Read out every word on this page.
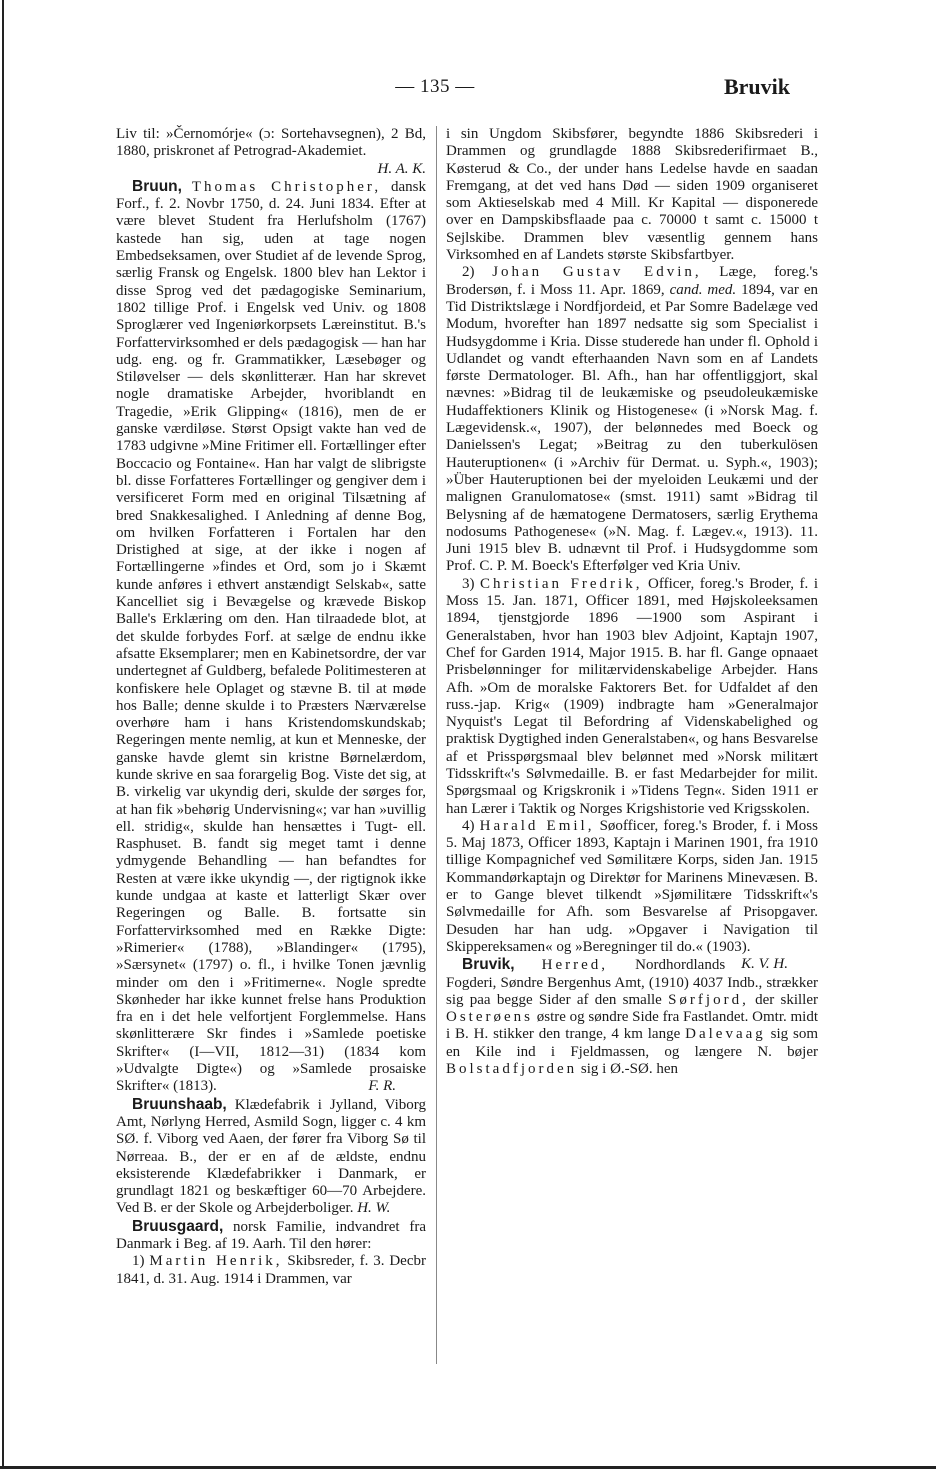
— 135 —	Bruvik

Liv til: »Černomórje« (ɔ: Sortehavsegnen), 2 Bd, 1880, priskronet af Petrograd-Akademiet.

H. A. K.

Bruun, Thomas Christopher, dansk Forf., f. 2. Novbr 1750, d. 24. Juni 1834. Efter at være blevet Student fra Herlufsholm (1767) kastede han sig, uden at tage nogen Embedseksamen, over Studiet af de levende Sprog, særlig Fransk og Engelsk. 1800 blev han Lektor i disse Sprog ved det pædagogiske Seminarium, 1802 tillige Prof. i Engelsk ved Univ. og 1808 Sproglærer ved Ingeniørkorpsets Læreinstitut. B.'s Forfattervirksomhed er dels pædagogisk — han har udg. eng. og fr. Grammatikker, Læsebøger og Stiløvelser — dels skønlitterær. Han har skrevet nogle dramatiske Arbejder, hvoriblandt en Tragedie, »Erik Glipping« (1816), men de er ganske værdiløse. Størst Opsigt vakte han ved de 1783 udgivne »Mine Fritimer ell. Fortællinger efter Boccacio og Fontaine«. Han har valgt de slibrigste bl. disse Forfatteres Fortællinger og gengiver dem i versificeret Form med en original Tilsætning af bred Snakkesalighed. I Anledning af denne Bog, om hvilken Forfatteren i Fortalen har den Dristighed at sige, at der ikke i nogen af Fortællingerne »findes et Ord, som jo i Skæmt kunde anføres i ethvert anstændigt Selskab«, satte Kancelliet sig i Bevægelse og krævede Biskop Balle's Erklæring om den. Han tilraadede blot, at det skulde forbydes Forf. at sælge de endnu ikke afsatte Eksemplarer; men en Kabinetsordre, der var undertegnet af Guldberg, befalede Politimesteren at konfiskere hele Oplaget og stævne B. til at møde hos Balle; denne skulde i to Præsters Nærværelse overhøre ham i hans Kristendomskundskab; Regeringen mente nemlig, at kun et Menneske, der ganske havde glemt sin kristne Børnelærdom, kunde skrive en saa forargelig Bog. Viste det sig, at B. virkelig var ukyndig deri, skulde der sørges for, at han fik »behørig Undervisning«; var han »uvillig ell. stridig«, skulde han hensættes i Tugt- ell. Rasphuset. B. fandt sig meget tamt i denne ydmygende Behandling — han befandtes for Resten at være ikke ukyndig —, der rigtignok ikke kunde undgaa at kaste et latterligt Skær over Regeringen og Balle. B. fortsatte sin Forfattervirksomhed med en Række Digte: »Rimerier« (1788), »Blandinger« (1795), »Særsynet« (1797) o. fl., i hvilke Tonen jævnlig minder om den i »Fritimerne«. Nogle spredte Skønheder har ikke kunnet frelse hans Produktion fra en i det hele velfortjent Forglemmelse. Hans skønlitterære Skr findes i »Samlede poetiske Skrifter« (I—VII, 1812—31) (1834 kom »Udvalgte Digte«) og »Samlede prosaiske Skrifter« (1813).	F. R.

Bruunshaab, Klædefabrik i Jylland, Viborg Amt, Nørlyng Herred, Asmild Sogn, ligger c. 4 km SØ. f. Viborg ved Aaen, der fører fra Viborg Sø til Nørreaa. B., der er en af de ældste, endnu eksisterende Klædefabrikker i Danmark, er grundlagt 1821 og beskæftiger 60—70 Arbejdere. Ved B. er der Skole og Arbejderboliger. H. W.

Bruusgaard, norsk Familie, indvandret fra Danmark i Beg. af 19. Aarh. Til den hører:

1) Martin Henrik, Skibsreder, f. 3. Decbr 1841, d. 31. Aug. 1914 i Drammen, var

i sin Ungdom Skibsfører, begyndte 1886 Skibsrederi i Drammen og grundlagde 1888 Skibsrederifirmaet B., Køsterud & Co., der under hans Ledelse havde en saadan Fremgang, at det ved hans Død — siden 1909 organiseret som Aktieselskab med 4 Mill. Kr Kapital — disponerede over en Dampskibsflaade paa c. 70000 t samt c. 15000 t Sejlskibe. Drammen blev væsentlig gennem hans Virksomhed en af Landets største Skibsfartbyer.

2) Johan Gustav Edvin, Læge, foreg.'s Brodersøn, f. i Moss 11. Apr. 1869, cand. med. 1894, var en Tid Distriktslæge i Nordfjordeid, et Par Somre Badelæge ved Modum, hvorefter han 1897 nedsatte sig som Specialist i Hudsygdomme i Kria. Disse studerede han under fl. Ophold i Udlandet og vandt efterhaanden Navn som en af Landets første Dermatologer. Bl. Afh., han har offentliggjort, skal nævnes: »Bidrag til de leukæmiske og pseudoleukæmiske Hudaffektioners Klinik og Histogenese« (i »Norsk Mag. f. Lægevidensk.«, 1907), der belønnedes med Boeck og Danielssen's Legat; »Beitrag zu den tuberkulösen Hauteruptionen« (i »Archiv für Dermat. u. Syph.«, 1903); »Über Hauteruptionen bei der myeloiden Leukæmi und der malignen Granulomatose« (smst. 1911) samt »Bidrag til Belysning af de hæmatogene Dermatosers, særlig Erythema nodosums Pathogenese« (»N. Mag. f. Lægev.«, 1913). 11. Juni 1915 blev B. udnævnt til Prof. i Hudsygdomme som Prof. C. P. M. Boeck's Efterfølger ved Kria Univ.

3) Christian Fredrik, Officer, foreg.'s Broder, f. i Moss 15. Jan. 1871, Officer 1891, med Højskoleeksamen 1894, tjenstgjorde 1896 —1900 som Aspirant i Generalstaben, hvor han 1903 blev Adjoint, Kaptajn 1907, Chef for Garden 1914, Major 1915. B. har fl. Gange opnaaet Prisbelønninger for militærvidenskabelige Arbejder. Hans Afh. »Om de moralske Faktorers Bet. for Udfaldet af den russ.-jap. Krig« (1909) indbragte ham »Generalmajor Nyquist's Legat til Befordring af Videnskabelighed og praktisk Dygtighed inden Generalstaben«, og hans Besvarelse af et Prisspørgsmaal blev belønnet med »Norsk militært Tidsskrift«'s Sølvmedaille. B. er fast Medarbejder for milit. Spørgsmaal og Krigskronik i »Tidens Tegn«. Siden 1911 er han Lærer i Taktik og Norges Krigshistorie ved Krigsskolen.

4) Harald Emil, Søofficer, foreg.'s Broder, f. i Moss 5. Maj 1873, Officer 1893, Kaptajn i Marinen 1901, fra 1910 tillige Kompagnichef ved Sømilitære Korps, siden Jan. 1915 Kommandørkaptajn og Direktør for Marinens Minevæsen. B. er to Gange blevet tilkendt »Sjømilitære Tidsskrift«'s Sølvmedaille for Afh. som Besvarelse af Prisopgaver. Desuden har han udg. »Opgaver i Navigation til Skippereksamen« og »Beregninger til do.« (1903).
K. V. H.

Bruvik, Herred, Nordhordlands Fogderi, Søndre Bergenhus Amt, (1910) 4037 Indb., strækker sig paa begge Sider af den smalle Sørfjord, der skiller Osterøens østre og søndre Side fra Fastlandet. Omtr. midt i B. H. stikker den trange, 4 km lange Dalevaag sig som en Kile ind i Fjeldmassen, og længere N. bøjer Bolstadfjorden sig i Ø.-SØ. hen
